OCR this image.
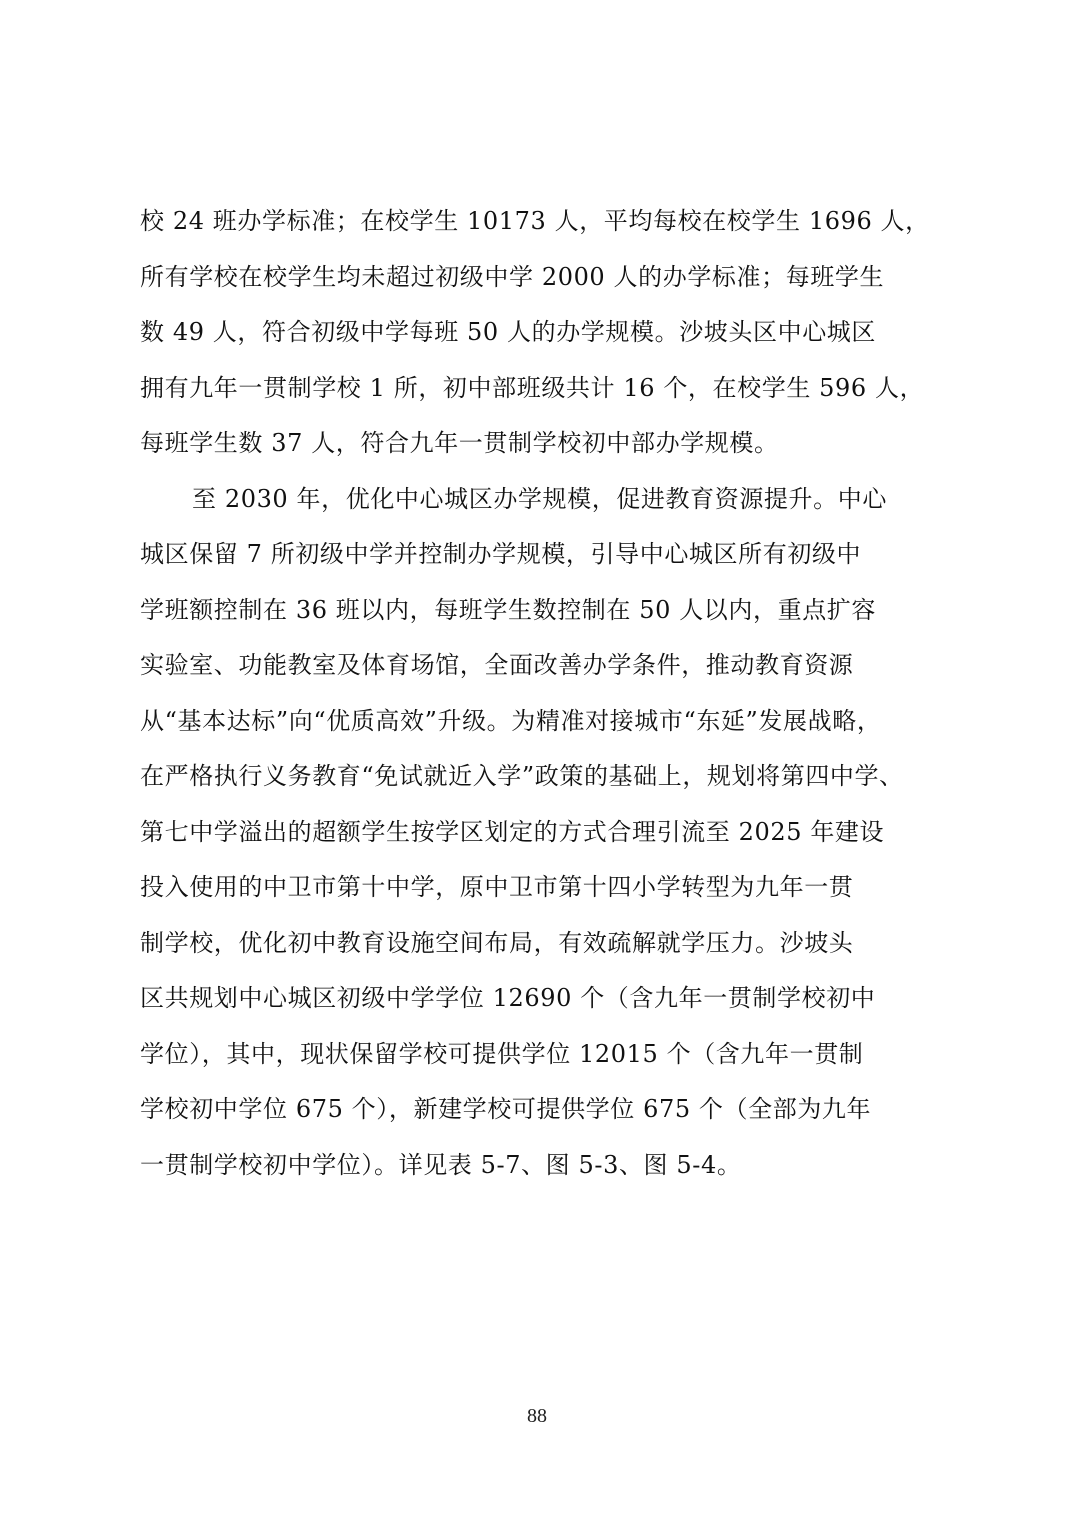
校 24 班办学标准；在校学生 10173 人，平均每校在校学生 1696 人，
所有学校在校学生均未超过初级中学 2000 人的办学标准；每班学生
数 49 人，符合初级中学每班 50 人的办学规模。沙坡头区中心城区
拥有九年一贯制学校 1 所，初中部班级共计 16 个，在校学生 596 人，
每班学生数 37 人，符合九年一贯制学校初中部办学规模。
至 2030 年，优化中心城区办学规模，促进教育资源提升。中心
城区保留 7 所初级中学并控制办学规模，引导中心城区所有初级中
学班额控制在 36 班以内，每班学生数控制在 50 人以内，重点扩容
实验室、功能教室及体育场馆，全面改善办学条件，推动教育资源
从“基本达标”向“优质高效”升级。为精准对接城市“东延”发展战略，
在严格执行义务教育“免试就近入学”政策的基础上，规划将第四中学、
第七中学溢出的超额学生按学区划定的方式合理引流至 2025 年建设
投入使用的中卫市第十中学，原中卫市第十四小学转型为九年一贯
制学校，优化初中教育设施空间布局，有效疏解就学压力。沙坡头
区共规划中心城区初级中学学位 12690 个（含九年一贯制学校初中
学位），其中，现状保留学校可提供学位 12015 个（含九年一贯制
学校初中学位 675 个），新建学校可提供学位 675 个（全部为九年
一贯制学校初中学位）。详见表 5-7、图 5-3、图 5-4。
88
